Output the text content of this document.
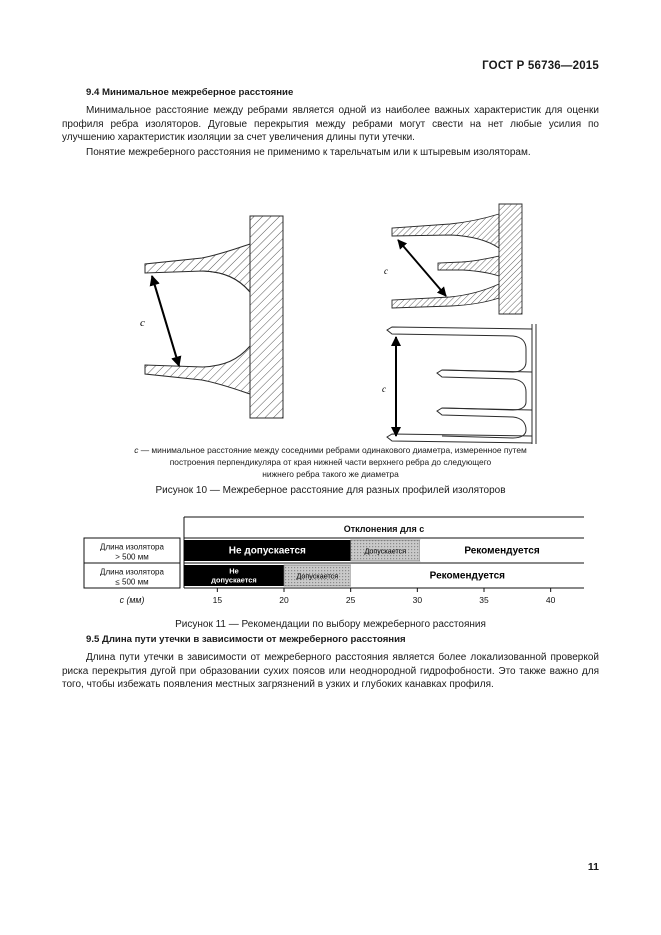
ГОСТ Р 56736—2015
9.4 Минимальное межреберное расстояние

Минимальное расстояние между ребрами является одной из наиболее важных характеристик для оценки профиля ребра изоляторов. Дуговые перекрытия между ребрами могут свести на нет любые усилия по улучшению характеристик изоляции за счет увеличения длины пути утечки.

Понятие межреберного расстояния не применимо к тарельчатым или к штыревым изоляторам.

c
c
c
c — минимальное расстояние между соседними ребрами одинакового диаметра, измеренное путем
построения перпендикуляра от края нижней части верхнего ребра до следующего
нижнего ребра такого же диаметра
Рисунок 10 — Межреберное расстояние для разных профилей изоляторов
Отклонения для с
Длина изолятора
> 500 мм
Длина изолятора
≤ 500 мм
Не допускается
Не
допускается
Допускается
Допускается
Рекомендуется
Рекомендуется
15	20	25	30	35	40
c (мм)
Рисунок 11 — Рекомендации по выбору межреберного расстояния
9.5 Длина пути утечки в зависимости от межреберного расстояния

Длина пути утечки в зависимости от межреберного расстояния является более локализованной проверкой риска перекрытия дугой при образовании сухих поясов или неоднородной гидрофобности. Это также важно для того, чтобы избежать появления местных загрязнений в узких и глубоких канавках профиля.

11
